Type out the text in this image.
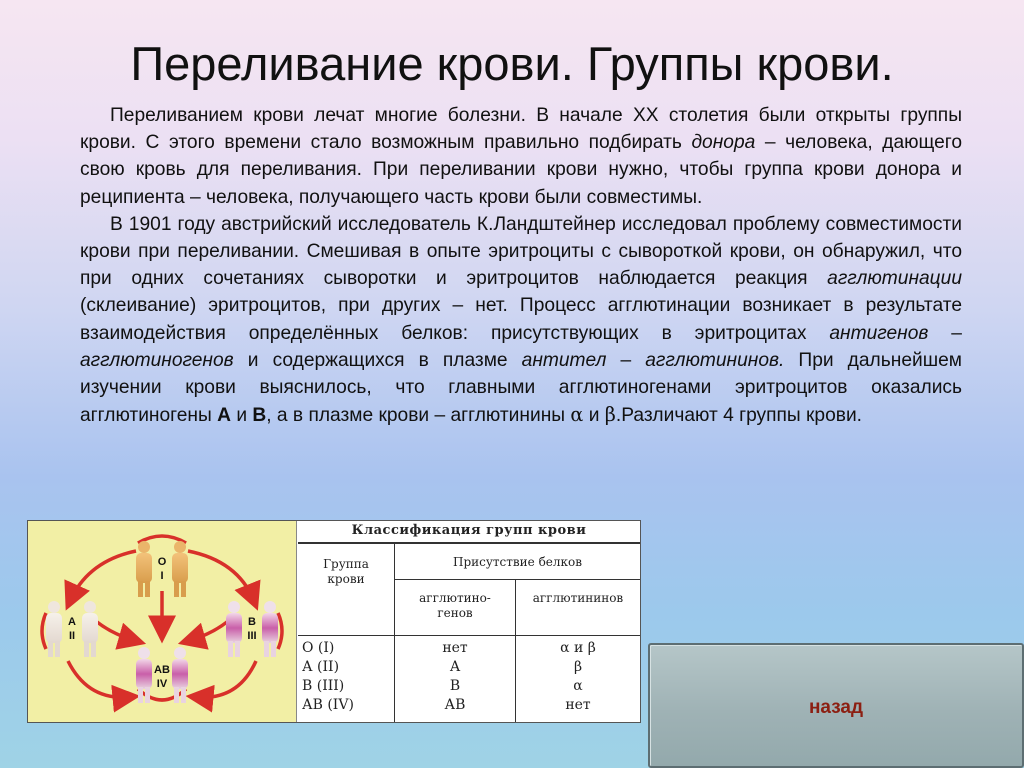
Переливание крови. Группы крови.

Переливанием крови лечат многие болезни. В начале XX столетия были открыты группы крови. С этого времени стало возможным правильно подбирать донора – человека, дающего свою кровь для переливания. При переливании крови нужно, чтобы группа крови донора и реципиента – человека, получающего часть крови были совместимы.

В 1901 году австрийский исследователь К.Ландштейнер исследовал проблему совместимости крови при переливании. Смешивая в опыте эритроциты с сывороткой крови, он обнаружил, что при одних сочетаниях сыворотки и эритроцитов наблюдается реакция агглютинации (склеивание) эритроцитов, при других – нет. Процесс агглютинации возникает в результате взаимодействия определённых белков: присутствующих в эритроцитах антигенов – агглютиногенов и содержащихся в плазме антител – агглютининов. При дальнейшем изучении крови выяснилось, что главными агглютиногенами эритроцитов оказались агглютиногены А и В, а в плазме крови – агглютинины α и β.Различают 4 группы крови.

O
I
A
II
B
III
AB
IV
Классификация групп крови
Группа
крови
Присутствие белков
агглютино-
генов
агглютининов
О (I)
А (II)
В (III)
АВ (IV)
нет
А
В
АВ
α и β
β
α
нет	назад
